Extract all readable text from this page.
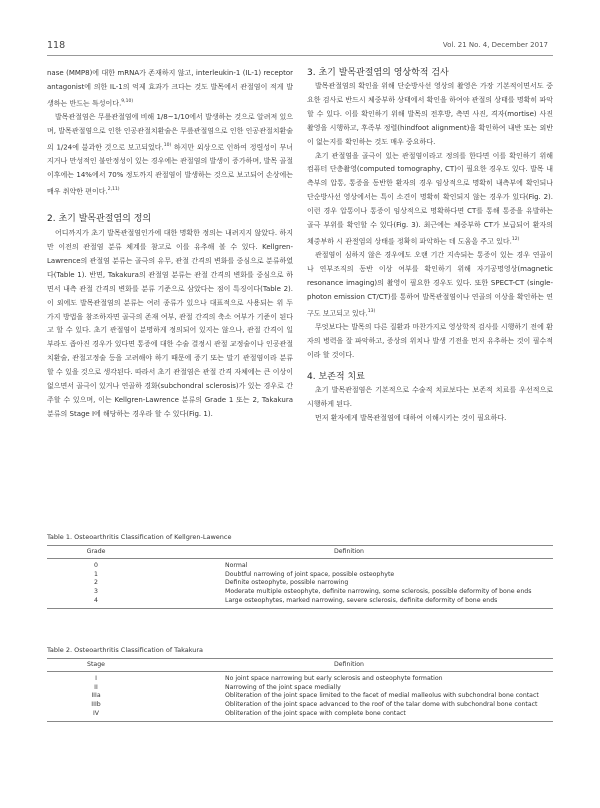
118	Vol. 21 No. 4, December 2017

nase (MMP8)에 대한 mRNA가 존재하지 않고, interleukin-1 (IL-1) receptor antagonist에 의한 IL-1의 억제 효과가 크다는 것도 발목에서 관절염이 적게 발생하는 반드는 특성이다.$^{9,10)}$

발목관절염은 무릎관절염에 비해 1/8~1/10에서 발생하는 것으로 알려져 있으며, 발목관절염으로 인한 인공관절치환술은 무릎관절염으로 인한 인공관절치환술의 1/24에 불과한 것으로 보고되었다.$^{10)}$ 하지만 외상으로 인하여 정렬성이 무너지거나 만성적인 불안정성이 있는 경우에는 관절염의 발생이 증가하며, 발목 골절 이후에는 14%에서 70% 정도까지 관절염이 발생하는 것으로 보고되어 손상에는 매우 취약한 편이다.$^{2,11)}$

2. 초기 발목관절염의 정의

어디까지가 초기 발목관절염인가에 대한 명확한 정의는 내려지지 않았다. 하지만 이전의 관절염 분류 체계를 참고로 이를 유추해 볼 수 있다. Kellgren-Lawrence의 관절염 분류는 골극의 유무, 관절 간격의 변화를 중심으로 분류하였다(Table 1). 반면, Takakura의 관절염 분류는 관절 간격의 변화를 중심으로 하면서 내측 관절 간격의 변화를 분류 기준으로 삼았다는 점이 특징이다(Table 2). 이 외에도 발목관절염의 분류는 여러 종류가 있으나 대표적으로 사용되는 위 두 가지 방법을 참조하자면 골극의 존재 여부, 관절 간격의 축소 여부가 기준이 된다고 할 수 있다. 초기 관절염이 분명하게 정의되어 있지는 않으나, 관절 간격이 일부라도 좁아진 경우가 있다면 통증에 대한 수술 결정시 관절 교정술이나 인공관절치환술, 관절고정술 등을 고려해야 하기 때문에 증기 또는 말기 관절염이라 분류할 수 있을 것으로 생각된다. 따라서 초기 관절염은 관절 간격 자체에는 큰 이상이 없으면서 골극이 있거나 연골하 경화(subchondral sclerosis)가 있는 경우로 간주할 수 있으며, 이는 Kellgren-Lawrence 분류의 Grade 1 또는 2, Takakura 분류의 Stage I에 해당하는 경우라 할 수 있다(Fig. 1).

3. 초기 발목관절염의 영상학적 검사

발목관절염의 확인을 위해 단순방사선 영상의 촬영은 가장 기본적이면서도 중요한 검사로 반드시 체중부하 상태에서 확인을 하여야 관절의 상태를 명확히 파악할 수 있다. 이를 확인하기 위해 발목의 전후방, 측면 사진, 격자(mortise) 사진 촬영을 시행하고, 후족부 정렬(hindfoot alignment)을 확인하여 내반 또는 외반이 없는지를 확인하는 것도 매우 중요하다.

초기 관절염을 골극이 있는 관절염이라고 정의를 한다면 이를 확인하기 위해 컴퓨터 단층촬영(computed tomography, CT)이 필요한 경우도 있다. 발목 내측부의 압통, 통증을 동반한 환자의 경우 임상적으로 명확히 내측부에 확인되나 단순방사선 영상에서는 특이 소견이 명확히 확인되지 않는 경우가 있다(Fig. 2). 이런 경우 압통이나 통증이 임상적으로 명확하다면 CT를 통해 통증을 유발하는 골극 부위를 확인할 수 있다(Fig. 3). 최근에는 체중부하 CT가 보급되어 환자의 체중부하 시 관절염의 상태를 정확히 파악하는 데 도움을 주고 있다.$^{12)}$

관절염이 심하지 않은 경우에도 오랜 기간 지속되는 통증이 있는 경우 연골이나 연부조직의 동반 이상 여부를 확인하기 위해 자기공명영상(magnetic resonance imaging)의 촬영이 필요한 경우도 있다. 또한 SPECT-CT (single-photon emission CT/CT)를 통하여 발목관절염이나 연골의 이상을 확인하는 연구도 보고되고 있다.$^{13)}$

무엇보다는 발목의 다른 질환과 마찬가지로 영상학적 검사를 시행하기 전에 환자의 병력을 잘 파악하고, 증상의 위치나 발생 기전을 먼저 유추하는 것이 필수적이라 할 것이다.

4. 보존적 치료

초기 발목관절염은 기본적으로 수술적 치료보다는 보존적 치료를 우선적으로 시행하게 된다.

먼저 환자에게 발목관절염에 대하여 이해시키는 것이 필요하다.

Table 1. Osteoarthritis Classification of Kellgren-Lawence
Grade	Definition
0	Normal
1	Doubtful narrowing of joint space, possible osteophyte
2	Definite osteophyte, possible narrowing
3	Moderate multiple osteophyte, definite narrowing, some sclerosis, possible deformity of bone ends
4	Large osteophytes, marked narrowing, severe sclerosis, definite deformity of bone ends
Table 2. Osteoarthritis Classification of Takakura
Stage	Definition
I	No joint space narrowing but early sclerosis and osteophyte formation
II	Narrowing of the joint space medially
IIIa	Obliteration of the joint space limited to the facet of medial malleolus with subchondral bone contact
IIIb	Obliteration of the joint space advanced to the roof of the talar dome with subchondral bone contact
IV	Obliteration of the joint space with complete bone contact
